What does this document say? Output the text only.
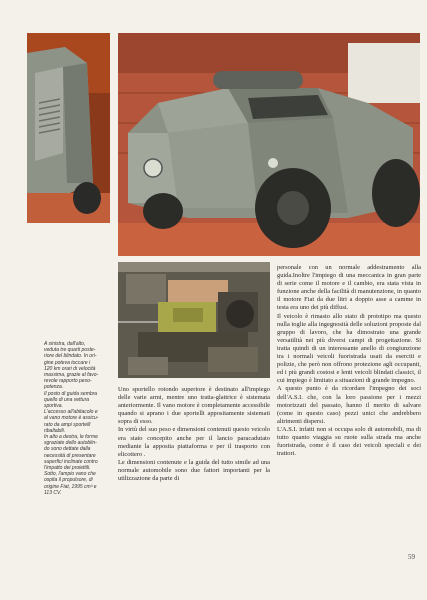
A sinistra, dall'alto,

veduta tre quarti poste-

riore del blindato. In ori-

gine poteva toccare i

120 km orari di velocità

massima, grazie al favo-

revole rapporto peso-

potenza.

Il posto di guida sembra

quello di una vettura

sportiva.

L'accesso all'abitacolo e

al vano motore è assicu-

rato da ampi sportelli

ribaltabili.

In alto a destra, le forme

sgraziate dello autoblin-

do sono dettate dalla

necessità di presentare

superfici inclinate contro

l'impatto dei proiettili.

Sotto, l'ampio vano che

ospita il propulsore, di

origine Fiat, 1995 cm³ e

113 CV.

Uno sportello rotondo superiore è destinato all'impiego delle varie armi, mentre uno tratta-glattrice è sistemata anteriormente. Il vano motore è completamente accessibile quando si aprano i due sportelli appositamente sistemati sopra di esso.

In virtù del suo peso e dimensioni contenuti questo veicolo era stato concepito anche per il lancio paracadutato mediante la apposita piattaforma e per il trasporto con elicottero .

Le dimensioni contenute e la guida del tutto simile ad una normale automobile sono due fattori importanti per la utilizzazione da parte di

personale con un normale addestramento alla guida.Inoltre l'impiego di una meccanica in gran parte di serie come il motore e il cambio, era stata vista in funzione anche della facilità di manutenzione, in quanto il motore Fiat da due litri a doppio asse a camme in testa era uno dei più diffusi.

Il veicolo è rimasto allo stato di prototipo ma questo nulla toglie alla ingegnosità delle soluzioni proposte dal gruppo di lavoro, che ha dimostrato una grande versatilità nei più diversi campi di progettazione. Si tratta quindi di un interessante anello di congiunzione tra i normali veicoli fuoristrada usati da eserciti e polizie, che però non offrono protezione agli occupanti, ed i più grandi costosi e lenti veicoli blindati classici, il cui impiego è limitato a situazioni di grande impegno.

A questo punto è da ricordare l'impegno dei soci dell'A.S.I. che, con la loro passione per i mezzi motorizzati del passato, hanno il merito di salvare (come in questo caso) pezzi unici che andrebbero altrimenti dispersi.

L'A.S.I. infatti non si occupa solo di automobili, ma di tutto quanto viaggia su ruote sulla strada ma anche fuoristrada, come è il caso dei veicoli speciali e dei trattori.

59
